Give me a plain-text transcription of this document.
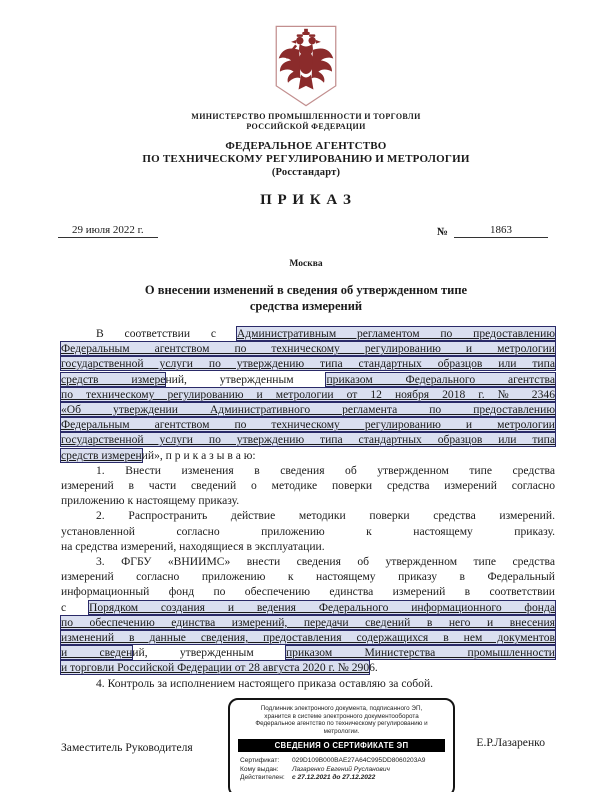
МИНИСТЕРСТВО ПРОМЫШЛЕННОСТИ И ТОРГОВЛИ
РОССИЙСКОЙ ФЕДЕРАЦИИ
ФЕДЕРАЛЬНОЕ АГЕНТСТВО
ПО ТЕХНИЧЕСКОМУ РЕГУЛИРОВАНИЮ И МЕТРОЛОГИИ
(Росстандарт)
П Р И К А З
29 июля 2022 г.	№	1863
Москва
О внесении изменений в сведения об утвержденном типе
средства измерений
В соответствии с Административным регламентом по предоставлению
Федеральным агентством по техническому регулированию и метрологии
государственной услуги по утверждению типа стандартных образцов или типа
средств измерений, утвержденным приказом Федерального агентства
по техническому регулированию и метрологии от 12 ноября 2018 г. № 2346
«Об утверждении Административного регламента по предоставлению
Федеральным агентством по техническому регулированию и метрологии
государственной услуги по утверждению типа стандартных образцов или типа
средств измерений», п р и к а з ы в а ю:
1. Внести изменения в сведения об утвержденном типе средства
измерений в части сведений о методике поверки средства измерений согласно
приложению к настоящему приказу.
2. Распространить действие методики поверки средства измерений.
установленной согласно приложению к настоящему приказу.
на средства измерений, находящиеся в эксплуатации.
3. ФГБУ «ВНИИМС» внести сведения об утвержденном типе средства
измерений согласно приложению к настоящему приказу в Федеральный
информационный фонд по обеспечению единства измерений в соответствии
с Порядком создания и ведения Федерального информационного фонда
по обеспечению единства измерений, передачи сведений в него и внесения
изменений в данные сведения, предоставления содержащихся в нем документов
и сведений, утвержденным приказом Министерства промышленности
и торговли Российской Федерации от 28 августа 2020 г. № 2906.
4. Контроль за исполнением настоящего приказа оставляю за собой.
Заместитель Руководителя
Подлинник электронного документа, подписанного ЭП,
хранится в системе электронного документооборота
Федеральное агентство по техническому регулированию и
метрологии.
СВЕДЕНИЯ О СЕРТИФИКАТЕ ЭП
Сертификат:	029D109B000BAE27A64C995DD8060203A9
Кому выдан:	Лазаренко Евгений Русланович
Действителен:	с 27.12.2021 до 27.12.2022
Е.Р.Лазаренко
